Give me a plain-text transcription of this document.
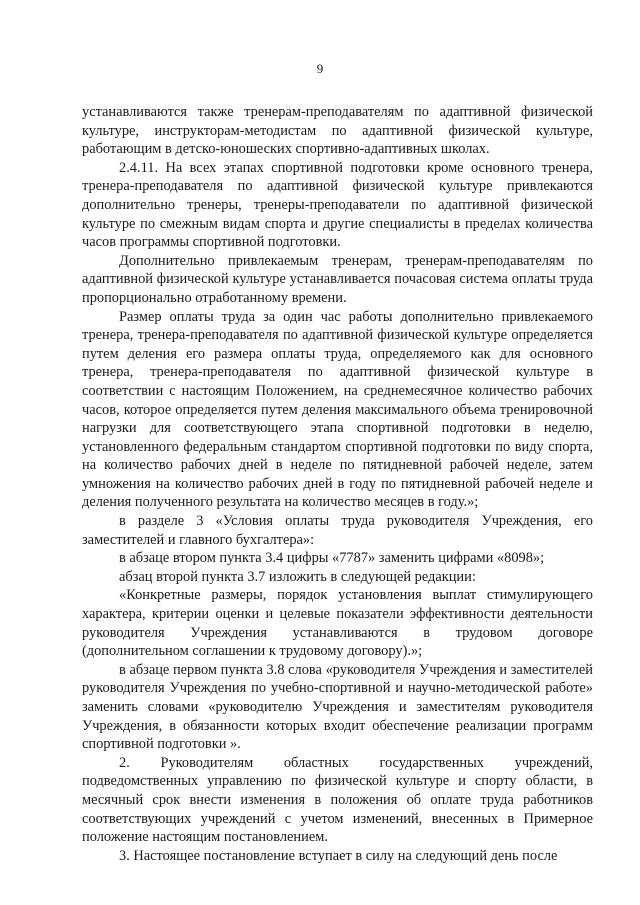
9

устанавливаются также тренерам-преподавателям по адаптивной физической культуре, инструкторам-методистам по адаптивной физической культуре, работающим в детско-юношеских спортивно-адаптивных школах.

2.4.11. На всех этапах спортивной подготовки кроме основного тренера, тренера-преподавателя по адаптивной физической культуре привлекаются дополнительно тренеры, тренеры-преподаватели по адаптивной физической культуре по смежным видам спорта и другие специалисты в пределах количества часов программы спортивной подготовки.

Дополнительно привлекаемым тренерам, тренерам-преподавателям по адаптивной физической культуре устанавливается почасовая система оплаты труда пропорционально отработанному времени.

Размер оплаты труда за один час работы дополнительно привлекаемого тренера, тренера-преподавателя по адаптивной физической культуре определяется путем деления его размера оплаты труда, определяемого как для основного тренера, тренера-преподавателя по адаптивной физической культуре в соответствии с настоящим Положением, на среднемесячное количество рабочих часов, которое определяется путем деления максимального объема тренировочной нагрузки для соответствующего этапа спортивной подготовки в неделю, установленного федеральным стандартом спортивной подготовки по виду спорта, на количество рабочих дней в неделе по пятидневной рабочей неделе, затем умножения на количество рабочих дней в году по пятидневной рабочей неделе и деления полученного результата на количество месяцев в году.»;

в разделе 3 «Условия оплаты труда руководителя Учреждения, его заместителей и главного бухгалтера»:

в абзаце втором пункта 3.4 цифры «7787» заменить цифрами «8098»;

абзац второй пункта 3.7 изложить в следующей редакции:

«Конкретные размеры, порядок установления выплат стимулирующего характера, критерии оценки и целевые показатели эффективности деятельности руководителя Учреждения устанавливаются в трудовом договоре (дополнительном соглашении к трудовому договору).»;

в абзаце первом пункта 3.8 слова «руководителя Учреждения и заместителей руководителя Учреждения по учебно-спортивной и научно-методической работе» заменить словами «руководителю Учреждения и заместителям руководителя Учреждения, в обязанности которых входит обеспечение реализации программ спортивной подготовки ».

2. Руководителям областных государственных учреждений, подведомственных управлению по физической культуре и спорту области, в месячный срок внести изменения в положения об оплате труда работников соответствующих учреждений с учетом изменений, внесенных в Примерное положение настоящим постановлением.

3. Настоящее постановление вступает в силу на следующий день после
